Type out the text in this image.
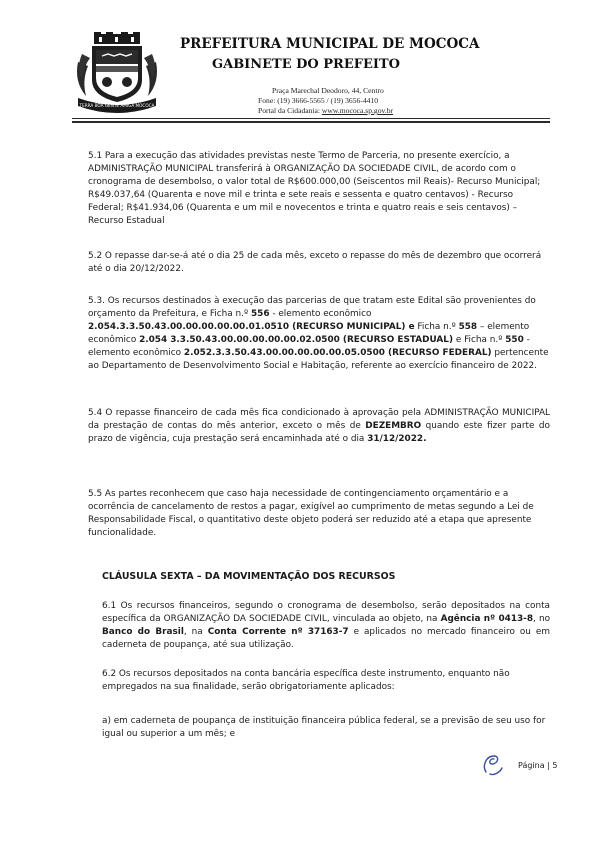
TERRA BOA GENTE AMIGA MOCOCA
PREFEITURA MUNICIPAL DE MOCOCA
GABINETE DO PREFEITO
Praça Marechal Deodoro, 44, Centro
Fone: (19) 3666-5565 / (19) 3656-4410
Portal da Cidadania: www.mococa.sp.gov.br
5.1 Para a execução das atividades previstas neste Termo de Parceria, no presente exercício, a ADMINISTRAÇÃO MUNICIPAL transferirá à ORGANIZAÇÃO DA SOCIEDADE CIVIL, de acordo com o cronograma de desembolso, o valor total de R$600.000,00 (Seiscentos mil Reais)- Recurso Municipal; R$49.037,64 (Quarenta e nove mil e trinta e sete reais e sessenta e quatro centavos) - Recurso Federal; R$41.934,06 (Quarenta e um mil e novecentos e trinta e quatro reais e seis centavos) – Recurso Estadual
5.2 O repasse dar-se-á até o dia 25 de cada mês, exceto o repasse do mês de dezembro que ocorrerá até o dia 20/12/2022.
5.3. Os recursos destinados à execução das parcerias de que tratam este Edital são provenientes do orçamento da Prefeitura, e Ficha n.º 556 - elemento econômico 2.054.3.3.50.43.00.00.00.00.00.01.0510 (RECURSO MUNICIPAL) e Ficha n.º 558 – elemento econômico 2.054 3.3.50.43.00.00.00.00.00.02.0500 (RECURSO ESTADUAL) e Ficha n.º 550 - elemento econômico 2.052.3.3.50.43.00.00.00.00.00.05.0500 (RECURSO FEDERAL) pertencente ao Departamento de Desenvolvimento Social e Habitação, referente ao exercício financeiro de 2022.
5.4 O repasse financeiro de cada mês fica condicionado à aprovação pela ADMINISTRAÇÃO MUNICIPAL da prestação de contas do mês anterior, exceto o mês de DEZEMBRO quando este fizer parte do prazo de vigência, cuja prestação será encaminhada até o dia 31/12/2022.
5.5 As partes reconhecem que caso haja necessidade de contingenciamento orçamentário e a ocorrência de cancelamento de restos a pagar, exigível ao cumprimento de metas segundo a Lei de Responsabilidade Fiscal, o quantitativo deste objeto poderá ser reduzido até a etapa que apresente funcionalidade.
CLÁUSULA SEXTA – DA MOVIMENTAÇÃO DOS RECURSOS
6.1 Os recursos financeiros, segundo o cronograma de desembolso, serão depositados na conta específica da ORGANIZAÇÃO DA SOCIEDADE CIVIL, vinculada ao objeto, na Agência nº 0413-8, no Banco do Brasil, na Conta Corrente nº 37163-7 e aplicados no mercado financeiro ou em caderneta de poupança, até sua utilização.
6.2 Os recursos depositados na conta bancária específica deste instrumento, enquanto não empregados na sua finalidade, serão obrigatoriamente aplicados:
a) em caderneta de poupança de instituição financeira pública federal, se a previsão de seu uso for igual ou superior a um mês; e
Página | 5
